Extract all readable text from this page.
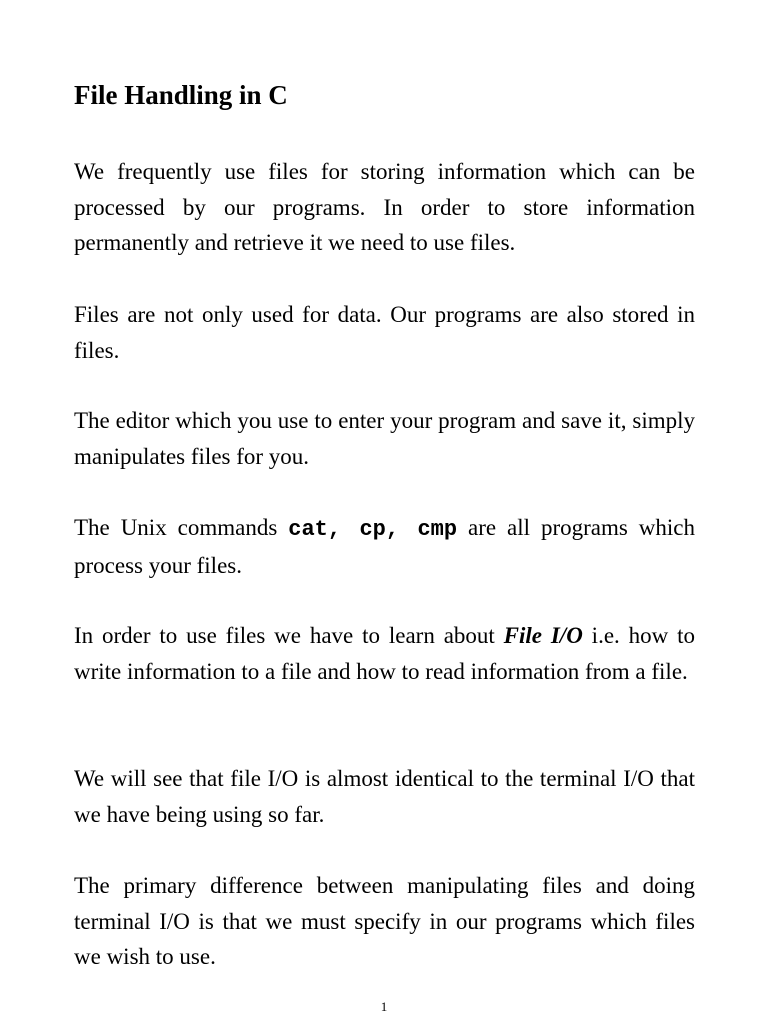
File Handling in C

We frequently use files for storing information which can be processed by our programs. In order to store information permanently and retrieve it we need to use files.

Files are not only used for data. Our programs are also stored in files.

The editor which you use to enter your program and save it, simply manipulates files for you.

The Unix commands cat, cp, cmp are all programs which process your files.

In order to use files we have to learn about File I/O i.e. how to write information to a file and how to read information from a file.

We will see that file I/O is almost identical to the terminal I/O that we have being using so far.

The primary difference between manipulating files and doing terminal I/O is that we must specify in our programs which files we wish to use.

1
